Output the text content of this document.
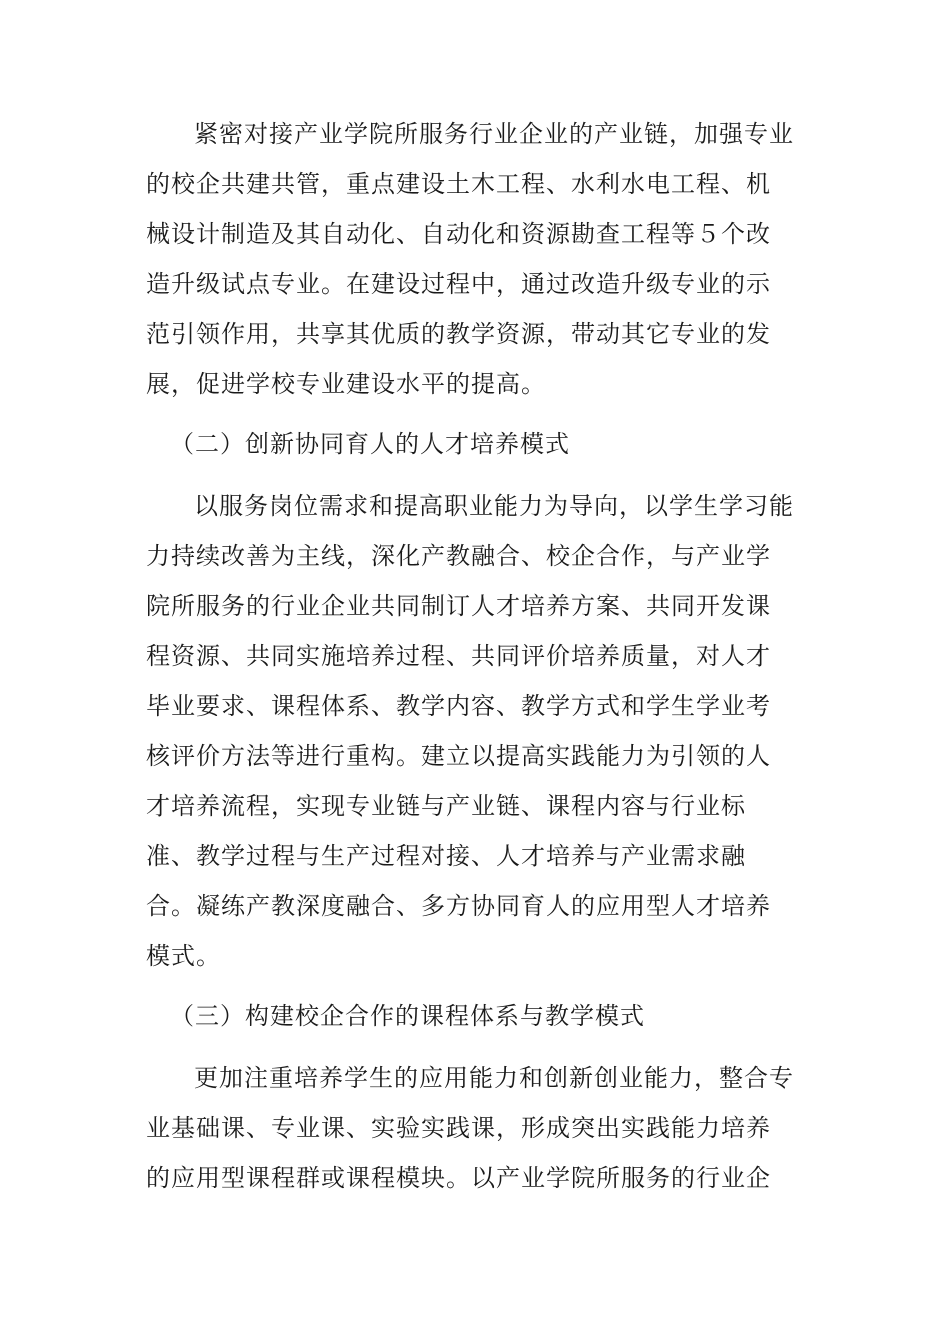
紧密对接产业学院所服务行业企业的产业链，加强专业
的校企共建共管，重点建设土木工程、水利水电工程、机
械设计制造及其自动化、自动化和资源勘查工程等５个改
造升级试点专业。在建设过程中，通过改造升级专业的示
范引领作用，共享其优质的教学资源，带动其它专业的发
展，促进学校专业建设水平的提高。
（二）创新协同育人的人才培养模式
以服务岗位需求和提高职业能力为导向，以学生学习能
力持续改善为主线，深化产教融合、校企合作，与产业学
院所服务的行业企业共同制订人才培养方案、共同开发课
程资源、共同实施培养过程、共同评价培养质量，对人才
毕业要求、课程体系、教学内容、教学方式和学生学业考
核评价方法等进行重构。建立以提高实践能力为引领的人
才培养流程，实现专业链与产业链、课程内容与行业标
准、教学过程与生产过程对接、人才培养与产业需求融
合。凝练产教深度融合、多方协同育人的应用型人才培养
模式。
（三）构建校企合作的课程体系与教学模式
更加注重培养学生的应用能力和创新创业能力，整合专
业基础课、专业课、实验实践课，形成突出实践能力培养
的应用型课程群或课程模块。以产业学院所服务的行业企
